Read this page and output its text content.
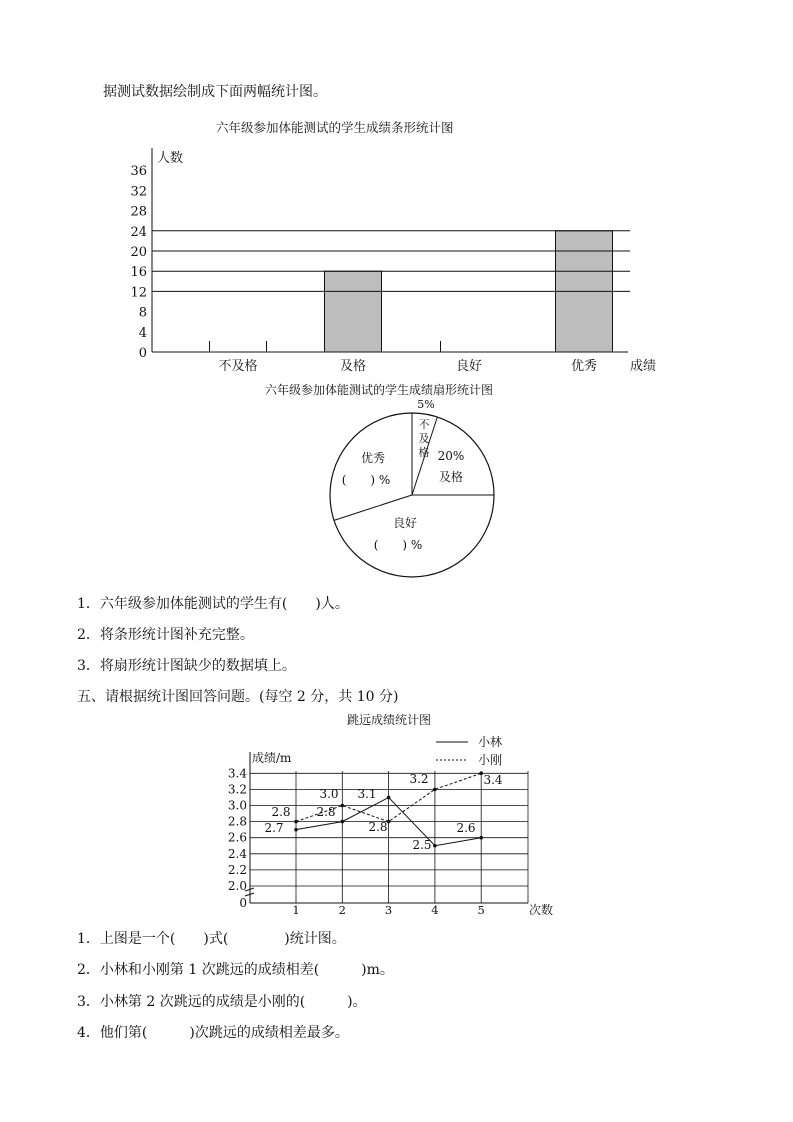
据测试数据绘制成下面两幅统计图。
六年级参加体能测试的学生成绩条形统计图
0
4
8
12
16
20
24
28
32
36
人数
成绩
不及格	及格	良好	优秀
六年级参加体能测试的学生成绩扇形统计图
5%
不
及
格 20%
及格
良好
(　　) %
优秀
(　　) %
1．六年级参加体能测试的学生有(　　)人。
2．将条形统计图补充完整。
3．将扇形统计图缺少的数据填上。
五、请根据统计图回答问题。(每空 2 分，共 10 分)
跳远成绩统计图
0
2.0
2.2
2.4
2.6
2.8
3.0
3.2
3.4
1	2	3	4	5
成绩/m
次数
小林
小刚
2.7
2.8
3.1
2.5
2.6
2.8
3.0
2.8
3.2	3.4
1．上图是一个(　　)式(　　　　)统计图。
2．小林和小刚第 1 次跳远的成绩相差(　　　)m。
3．小林第 2 次跳远的成绩是小刚的(　　　)。
4．他们第(　　　)次跳远的成绩相差最多。
